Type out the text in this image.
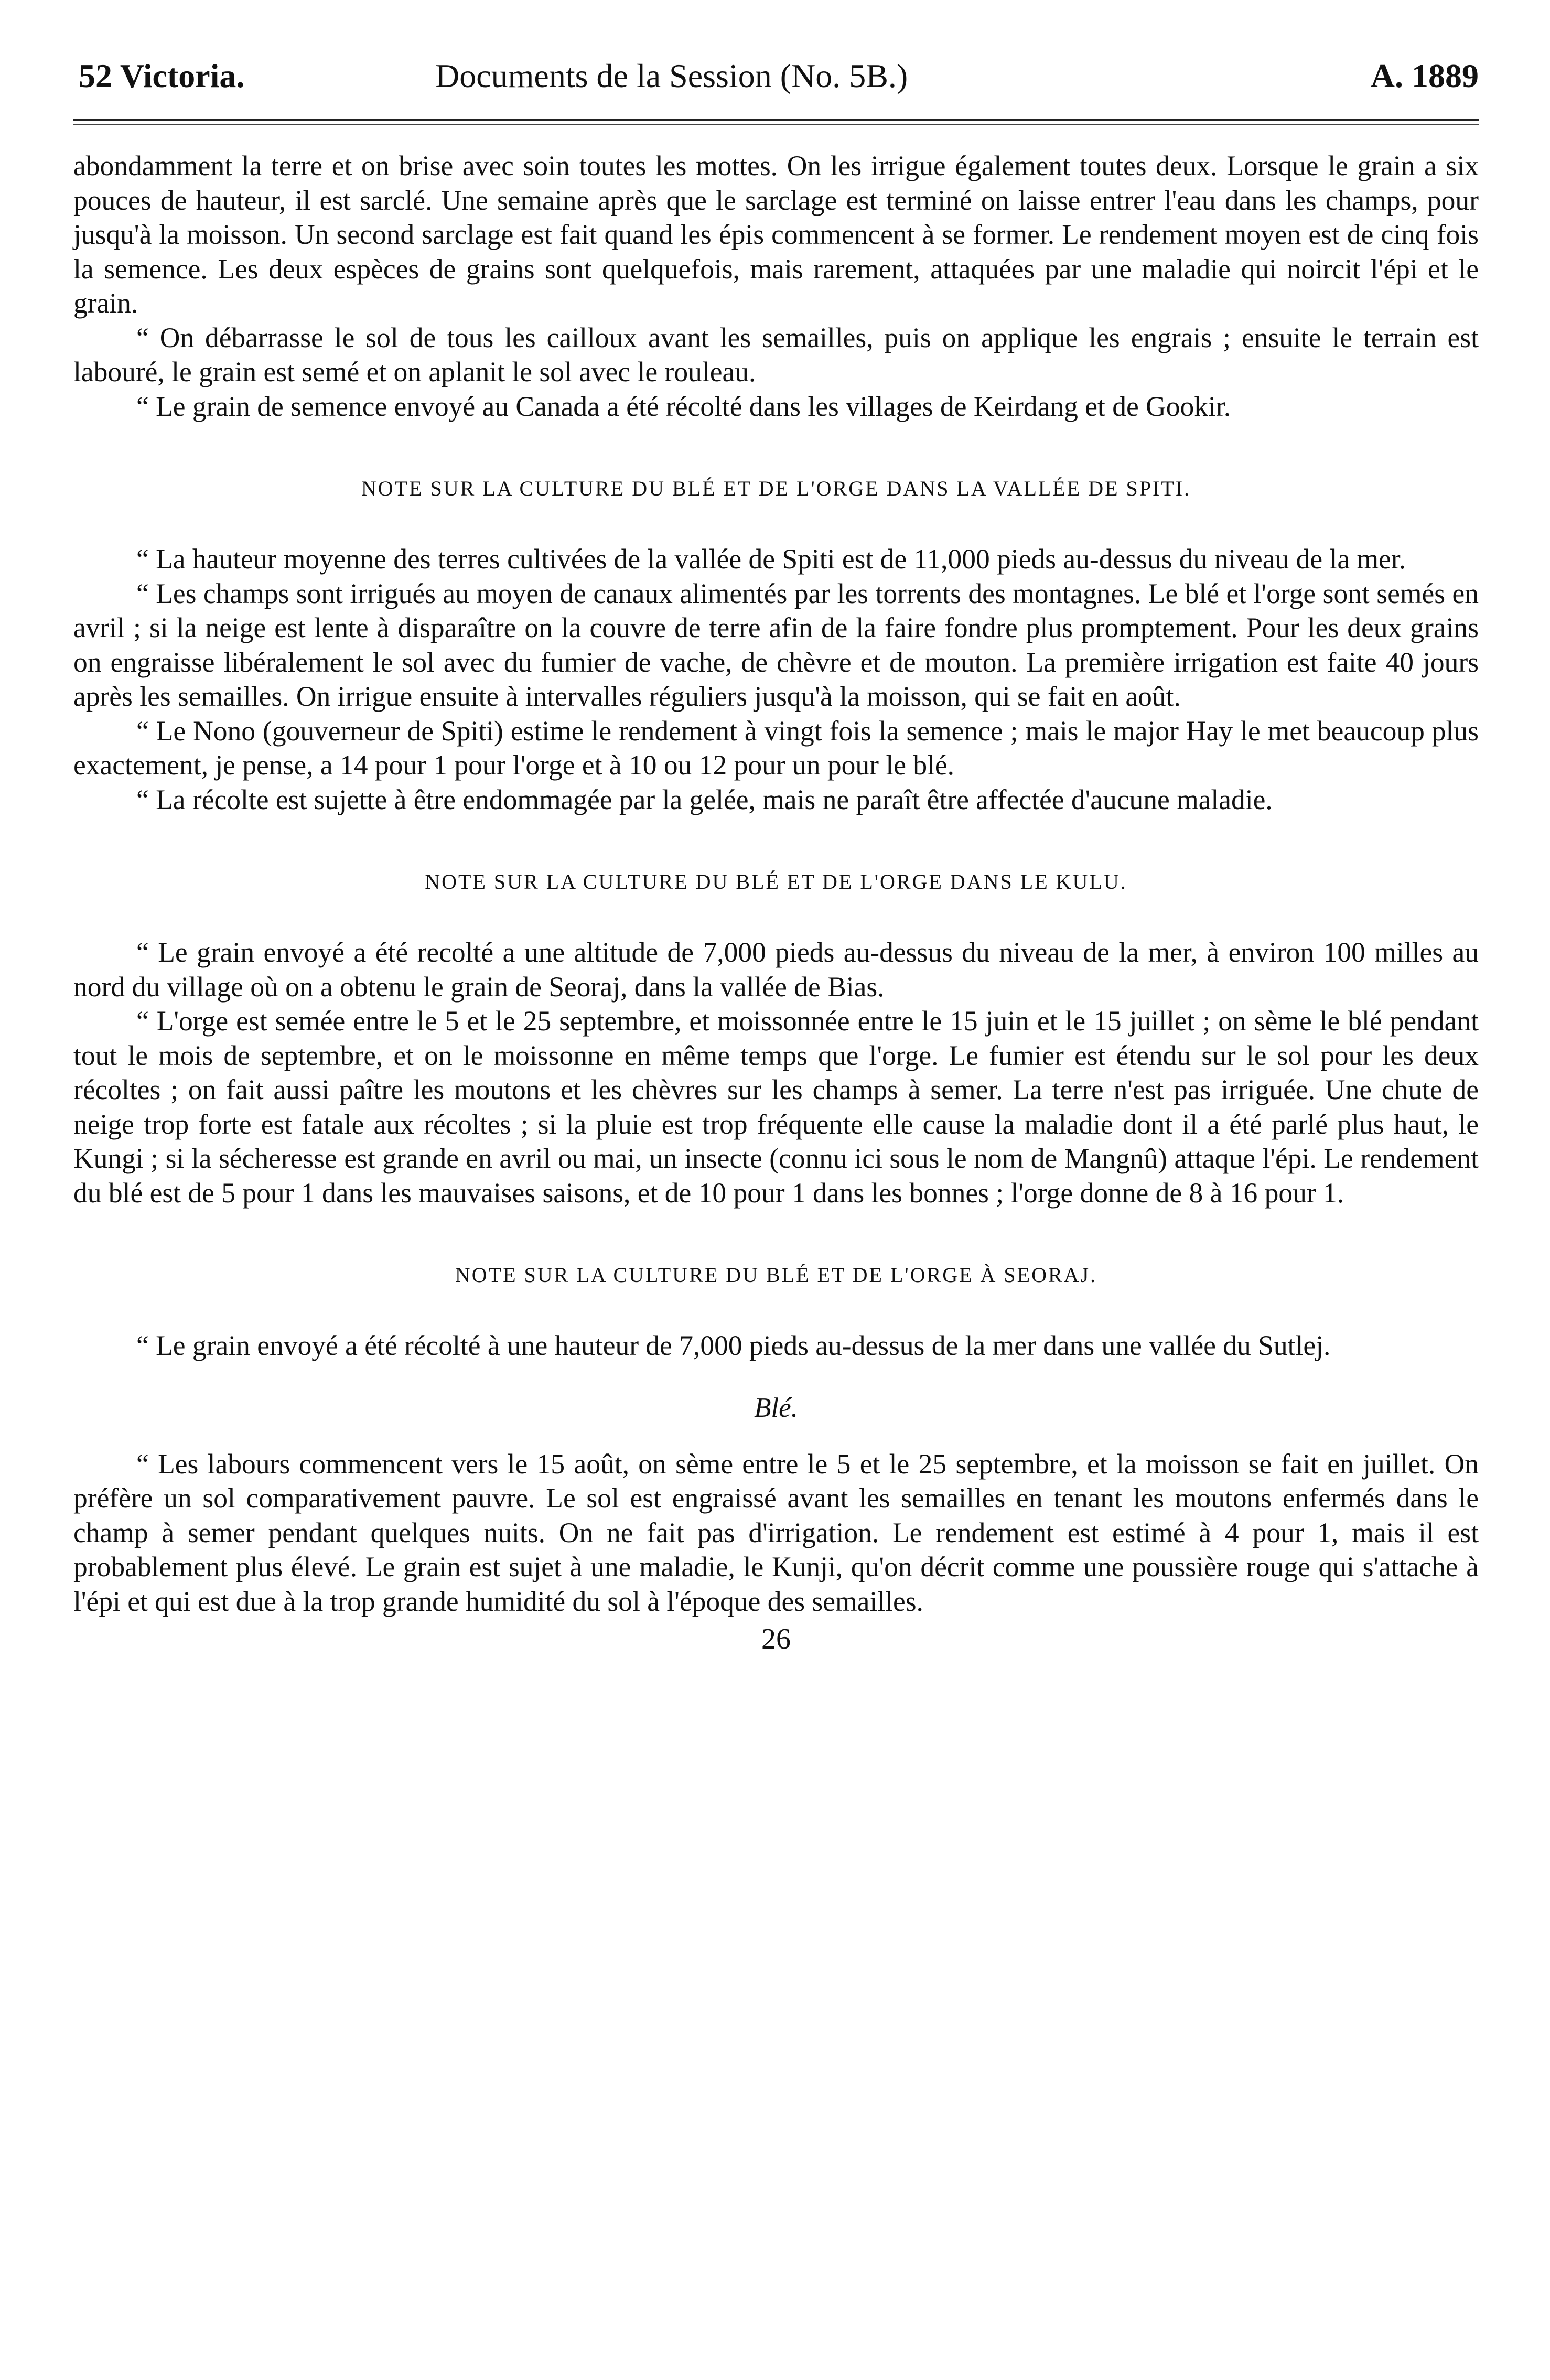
52 Victoria.	Documents de la Session (No. 5B.)	A. 1889

abondamment la terre et on brise avec soin toutes les mottes. On les irrigue également toutes deux. Lorsque le grain a six pouces de hauteur, il est sarclé. Une semaine après que le sarclage est terminé on laisse entrer l'eau dans les champs, pour jusqu'à la moisson. Un second sarclage est fait quand les épis commencent à se former. Le rendement moyen est de cinq fois la semence. Les deux espèces de grains sont quelquefois, mais rarement, attaquées par une maladie qui noircit l'épi et le grain.

“ On débarrasse le sol de tous les cailloux avant les semailles, puis on applique les engrais ; ensuite le terrain est labouré, le grain est semé et on aplanit le sol avec le rouleau.

“ Le grain de semence envoyé au Canada a été récolté dans les villages de Keirdang et de Gookir.

NOTE SUR LA CULTURE DU BLÉ ET DE L'ORGE DANS LA VALLÉE DE SPITI.

“ La hauteur moyenne des terres cultivées de la vallée de Spiti est de 11,000 pieds au-dessus du niveau de la mer.

“ Les champs sont irrigués au moyen de canaux alimentés par les torrents des montagnes. Le blé et l'orge sont semés en avril ; si la neige est lente à disparaître on la couvre de terre afin de la faire fondre plus promptement. Pour les deux grains on engraisse libéralement le sol avec du fumier de vache, de chèvre et de mouton. La première irrigation est faite 40 jours après les semailles. On irrigue ensuite à intervalles réguliers jusqu'à la moisson, qui se fait en août.

“ Le Nono (gouverneur de Spiti) estime le rendement à vingt fois la semence ; mais le major Hay le met beaucoup plus exactement, je pense, a 14 pour 1 pour l'orge et à 10 ou 12 pour un pour le blé.

“ La récolte est sujette à être endommagée par la gelée, mais ne paraît être affectée d'aucune maladie.

NOTE SUR LA CULTURE DU BLÉ ET DE L'ORGE DANS LE KULU.

“ Le grain envoyé a été recolté a une altitude de 7,000 pieds au-dessus du niveau de la mer, à environ 100 milles au nord du village où on a obtenu le grain de Seoraj, dans la vallée de Bias.

“ L'orge est semée entre le 5 et le 25 septembre, et moissonnée entre le 15 juin et le 15 juillet ; on sème le blé pendant tout le mois de septembre, et on le moissonne en même temps que l'orge. Le fumier est étendu sur le sol pour les deux récoltes ; on fait aussi paître les moutons et les chèvres sur les champs à semer. La terre n'est pas irriguée. Une chute de neige trop forte est fatale aux récoltes ; si la pluie est trop fréquente elle cause la maladie dont il a été parlé plus haut, le Kungi ; si la sécheresse est grande en avril ou mai, un insecte (connu ici sous le nom de Mangnû) attaque l'épi. Le rendement du blé est de 5 pour 1 dans les mauvaises saisons, et de 10 pour 1 dans les bonnes ; l'orge donne de 8 à 16 pour 1.

NOTE SUR LA CULTURE DU BLÉ ET DE L'ORGE À SEORAJ.

“ Le grain envoyé a été récolté à une hauteur de 7,000 pieds au-dessus de la mer dans une vallée du Sutlej.

Blé.

“ Les labours commencent vers le 15 août, on sème entre le 5 et le 25 septembre, et la moisson se fait en juillet. On préfère un sol comparativement pauvre. Le sol est engraissé avant les semailles en tenant les moutons enfermés dans le champ à semer pendant quelques nuits. On ne fait pas d'irrigation. Le rendement est estimé à 4 pour 1, mais il est probablement plus élevé. Le grain est sujet à une maladie, le Kunji, qu'on décrit comme une poussière rouge qui s'attache à l'épi et qui est due à la trop grande humidité du sol à l'époque des semailles.

26
